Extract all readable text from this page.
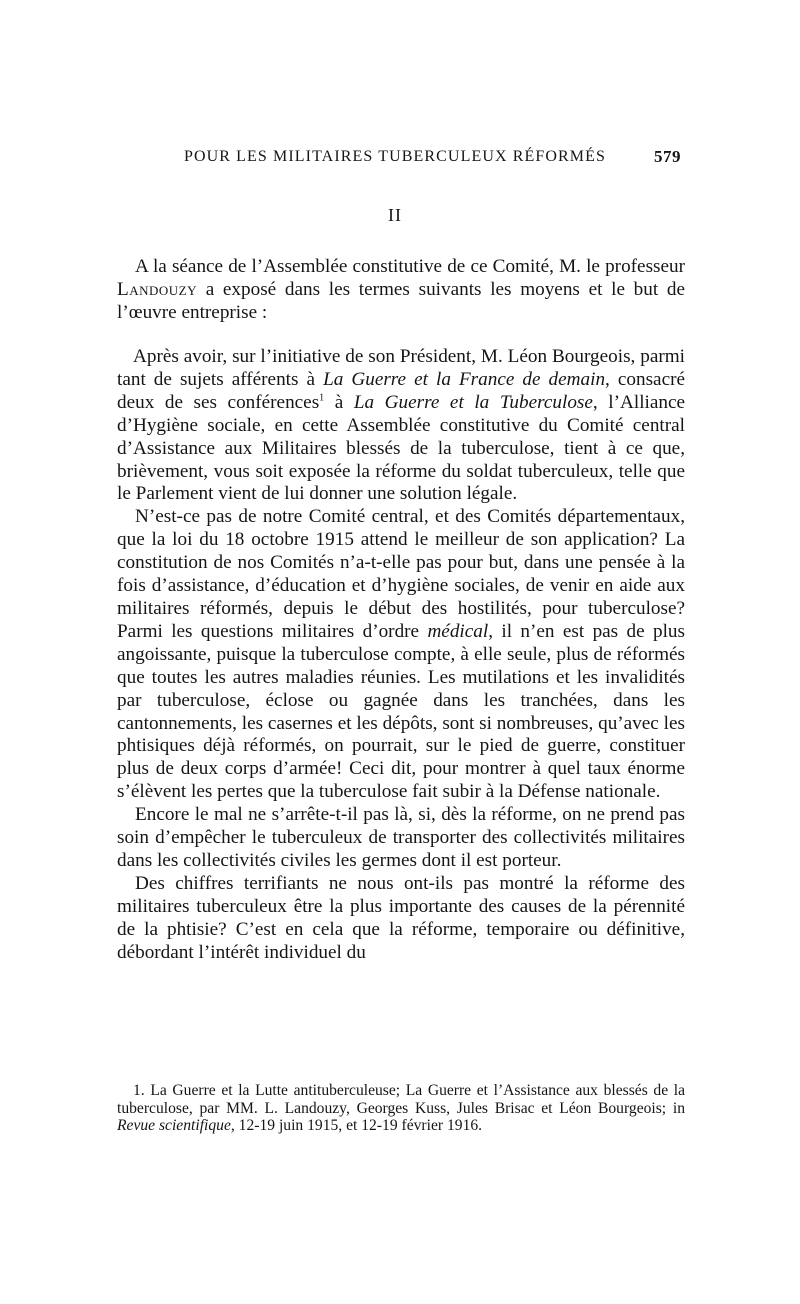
POUR LES MILITAIRES TUBERCULEUX RÉFORMÉS	579
II

A la séance de l’Assemblée constitutive de ce Comité, M. le professeur Landouzy a exposé dans les termes suivants les moyens et le but de l’œuvre entreprise :

Après avoir, sur l’initiative de son Président, M. Léon Bourgeois, parmi tant de sujets afférents à La Guerre et la France de demain, consacré deux de ses conférences$^1$ à La Guerre et la Tuberculose, l’Alliance d’Hygiène sociale, en cette Assemblée constitutive du Comité central d’Assistance aux Militaires blessés de la tuberculose, tient à ce que, brièvement, vous soit exposée la réforme du soldat tuberculeux, telle que le Parlement vient de lui donner une solution légale.

N’est-ce pas de notre Comité central, et des Comités départementaux, que la loi du 18 octobre 1915 attend le meilleur de son application? La constitution de nos Comités n’a-t-elle pas pour but, dans une pensée à la fois d’assistance, d’éducation et d’hygiène sociales, de venir en aide aux militaires réformés, depuis le début des hostilités, pour tuberculose? Parmi les questions militaires d’ordre médical, il n’en est pas de plus angoissante, puisque la tuberculose compte, à elle seule, plus de réformés que toutes les autres maladies réunies. Les mutilations et les invalidités par tuberculose, éclose ou gagnée dans les tranchées, dans les cantonnements, les casernes et les dépôts, sont si nombreuses, qu’avec les phtisiques déjà réformés, on pourrait, sur le pied de guerre, constituer plus de deux corps d’armée! Ceci dit, pour montrer à quel taux énorme s’élèvent les pertes que la tuberculose fait subir à la Défense nationale.

Encore le mal ne s’arrête-t-il pas là, si, dès la réforme, on ne prend pas soin d’empêcher le tuberculeux de transporter des collectivités militaires dans les collectivités civiles les germes dont il est porteur.

Des chiffres terrifiants ne nous ont-ils pas montré la réforme des militaires tuberculeux être la plus importante des causes de la pérennité de la phtisie? C’est en cela que la réforme, temporaire ou définitive, débordant l’intérêt individuel du

1. La Guerre et la Lutte antituberculeuse; La Guerre et l’Assistance aux blessés de la tuberculose, par MM. L. Landouzy, Georges Kuss, Jules Brisac et Léon Bourgeois; in Revue scientifique, 12-19 juin 1915, et 12-19 février 1916.
